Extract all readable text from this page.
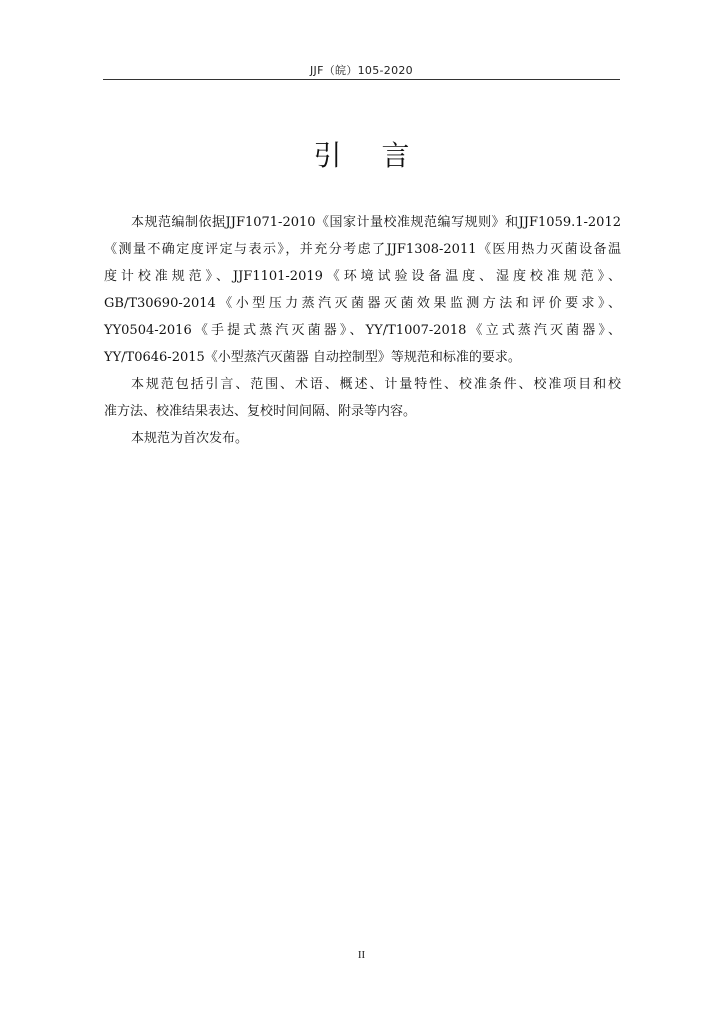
JJF（皖）105-2020
引 言
本规范编制依据JJF1071-2010《国家计量校准规范编写规则》和JJF1059.1-2012
《测量不确定度评定与表示》，并充分考虑了JJF1308-2011《医用热力灭菌设备温
度计校准规范》、JJF1101-2019《环境试验设备温度、湿度校准规范》、
GB/T30690-2014《小型压力蒸汽灭菌器灭菌效果监测方法和评价要求》、
YY0504-2016《手提式蒸汽灭菌器》、YY/T1007-2018《立式蒸汽灭菌器》、
YY/T0646-2015《小型蒸汽灭菌器 自动控制型》等规范和标准的要求。
本规范包括引言、范围、术语、概述、计量特性、校准条件、校准项目和校
准方法、校准结果表达、复校时间间隔、附录等内容。
本规范为首次发布。
II
